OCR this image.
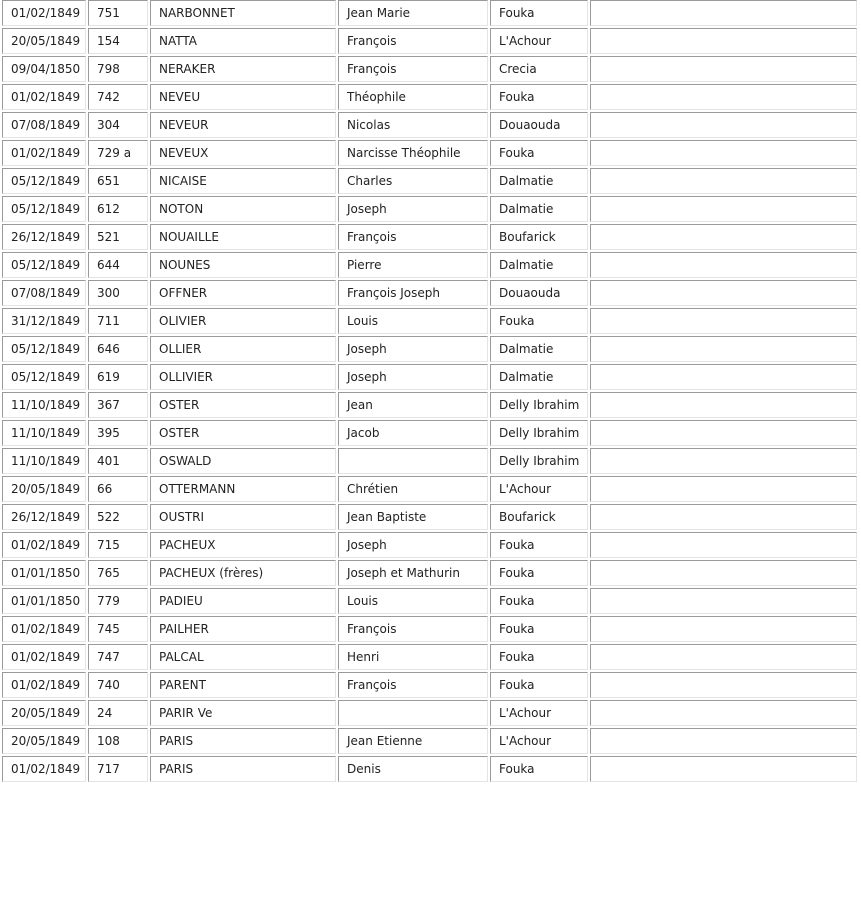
01/02/1849	751	NARBONNET	Jean Marie	Fouka	
20/05/1849	154	NATTA	François	L'Achour	
09/04/1850	798	NERAKER	François	Crecia	
01/02/1849	742	NEVEU	Théophile	Fouka	
07/08/1849	304	NEVEUR	Nicolas	Douaouda	
01/02/1849	729 a	NEVEUX	Narcisse Théophile	Fouka	
05/12/1849	651	NICAISE	Charles	Dalmatie	
05/12/1849	612	NOTON	Joseph	Dalmatie	
26/12/1849	521	NOUAILLE	François	Boufarick	
05/12/1849	644	NOUNES	Pierre	Dalmatie	
07/08/1849	300	OFFNER	François Joseph	Douaouda	
31/12/1849	711	OLIVIER	Louis	Fouka	
05/12/1849	646	OLLIER	Joseph	Dalmatie	
05/12/1849	619	OLLIVIER	Joseph	Dalmatie	
11/10/1849	367	OSTER	Jean	Delly Ibrahim	
11/10/1849	395	OSTER	Jacob	Delly Ibrahim	
11/10/1849	401	OSWALD		Delly Ibrahim	
20/05/1849	66	OTTERMANN	Chrétien	L'Achour	
26/12/1849	522	OUSTRI	Jean Baptiste	Boufarick	
01/02/1849	715	PACHEUX	Joseph	Fouka	
01/01/1850	765	PACHEUX (frères)	Joseph et Mathurin	Fouka	
01/01/1850	779	PADIEU	Louis	Fouka	
01/02/1849	745	PAILHER	François	Fouka	
01/02/1849	747	PALCAL	Henri	Fouka	
01/02/1849	740	PARENT	François	Fouka	
20/05/1849	24	PARIR Ve		L'Achour	
20/05/1849	108	PARIS	Jean Etienne	L'Achour	
01/02/1849	717	PARIS	Denis	Fouka	
